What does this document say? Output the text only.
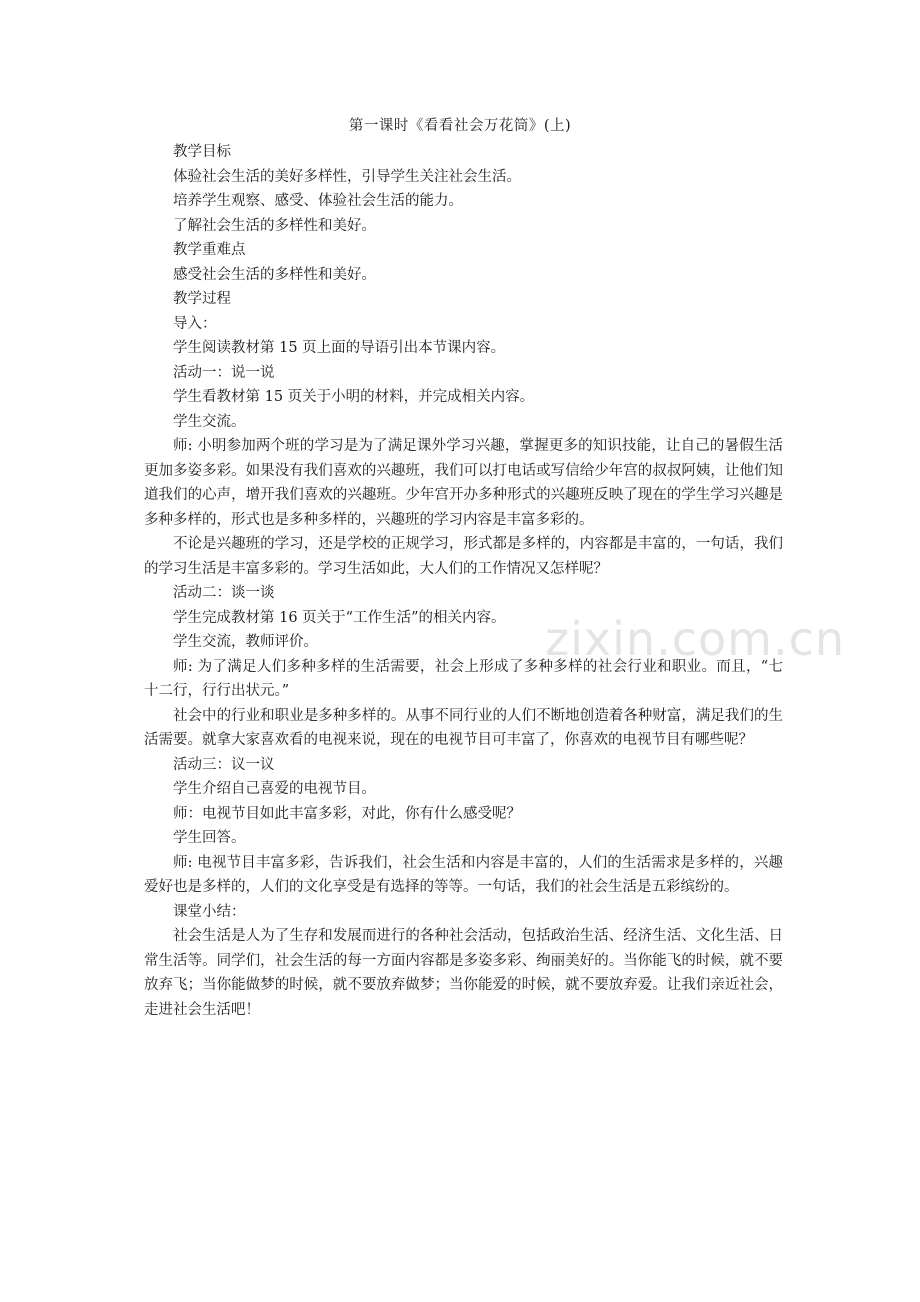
第一课时《看看社会万花筒》(上)

教学目标

体验社会生活的美好多样性，引导学生关注社会生活。

培养学生观察、感受、体验社会生活的能力。

了解社会生活的多样性和美好。

教学重难点

感受社会生活的多样性和美好。

教学过程

导入：

学生阅读教材第 15 页上面的导语引出本节课内容。

活动一：说一说

学生看教材第 15 页关于小明的材料，并完成相关内容。

学生交流。

师: 小明参加两个班的学习是为了满足课外学习兴趣，掌握更多的知识技能，让自己的暑假生活更加多姿多彩。如果没有我们喜欢的兴趣班，我们可以打电话或写信给少年宫的叔叔阿姨，让他们知道我们的心声，增开我们喜欢的兴趣班。少年宫开办多种形式的兴趣班反映了现在的学生学习兴趣是多种多样的，形式也是多种多样的，兴趣班的学习内容是丰富多彩的。

不论是兴趣班的学习，还是学校的正规学习，形式都是多样的，内容都是丰富的，一句话，我们的学习生活是丰富多彩的。学习生活如此，大人们的工作情况又怎样呢？

活动二：谈一谈

学生完成教材第 16 页关于“工作生活”的相关内容。

学生交流，教师评价。

师: 为了满足人们多种多样的生活需要，社会上形成了多种多样的社会行业和职业。而且，“七十二行，行行出状元。”

社会中的行业和职业是多种多样的。从事不同行业的人们不断地创造着各种财富，满足我们的生活需要。就拿大家喜欢看的电视来说，现在的电视节目可丰富了，你喜欢的电视节目有哪些呢？

活动三：议一议

学生介绍自己喜爱的电视节目。

师：电视节目如此丰富多彩，对此，你有什么感受呢？

学生回答。

师: 电视节目丰富多彩，告诉我们，社会生活和内容是丰富的，人们的生活需求是多样的，兴趣爱好也是多样的，人们的文化享受是有选择的等等。一句话，我们的社会生活是五彩缤纷的。

课堂小结：

社会生活是人为了生存和发展而进行的各种社会活动，包括政治生活、经济生活、文化生活、日常生活等。同学们，社会生活的每一方面内容都是多姿多彩、绚丽美好的。当你能飞的时候，就不要放弃飞；当你能做梦的时候，就不要放弃做梦；当你能爱的时候，就不要放弃爱。让我们亲近社会，走进社会生活吧！

zixin.com.cn
